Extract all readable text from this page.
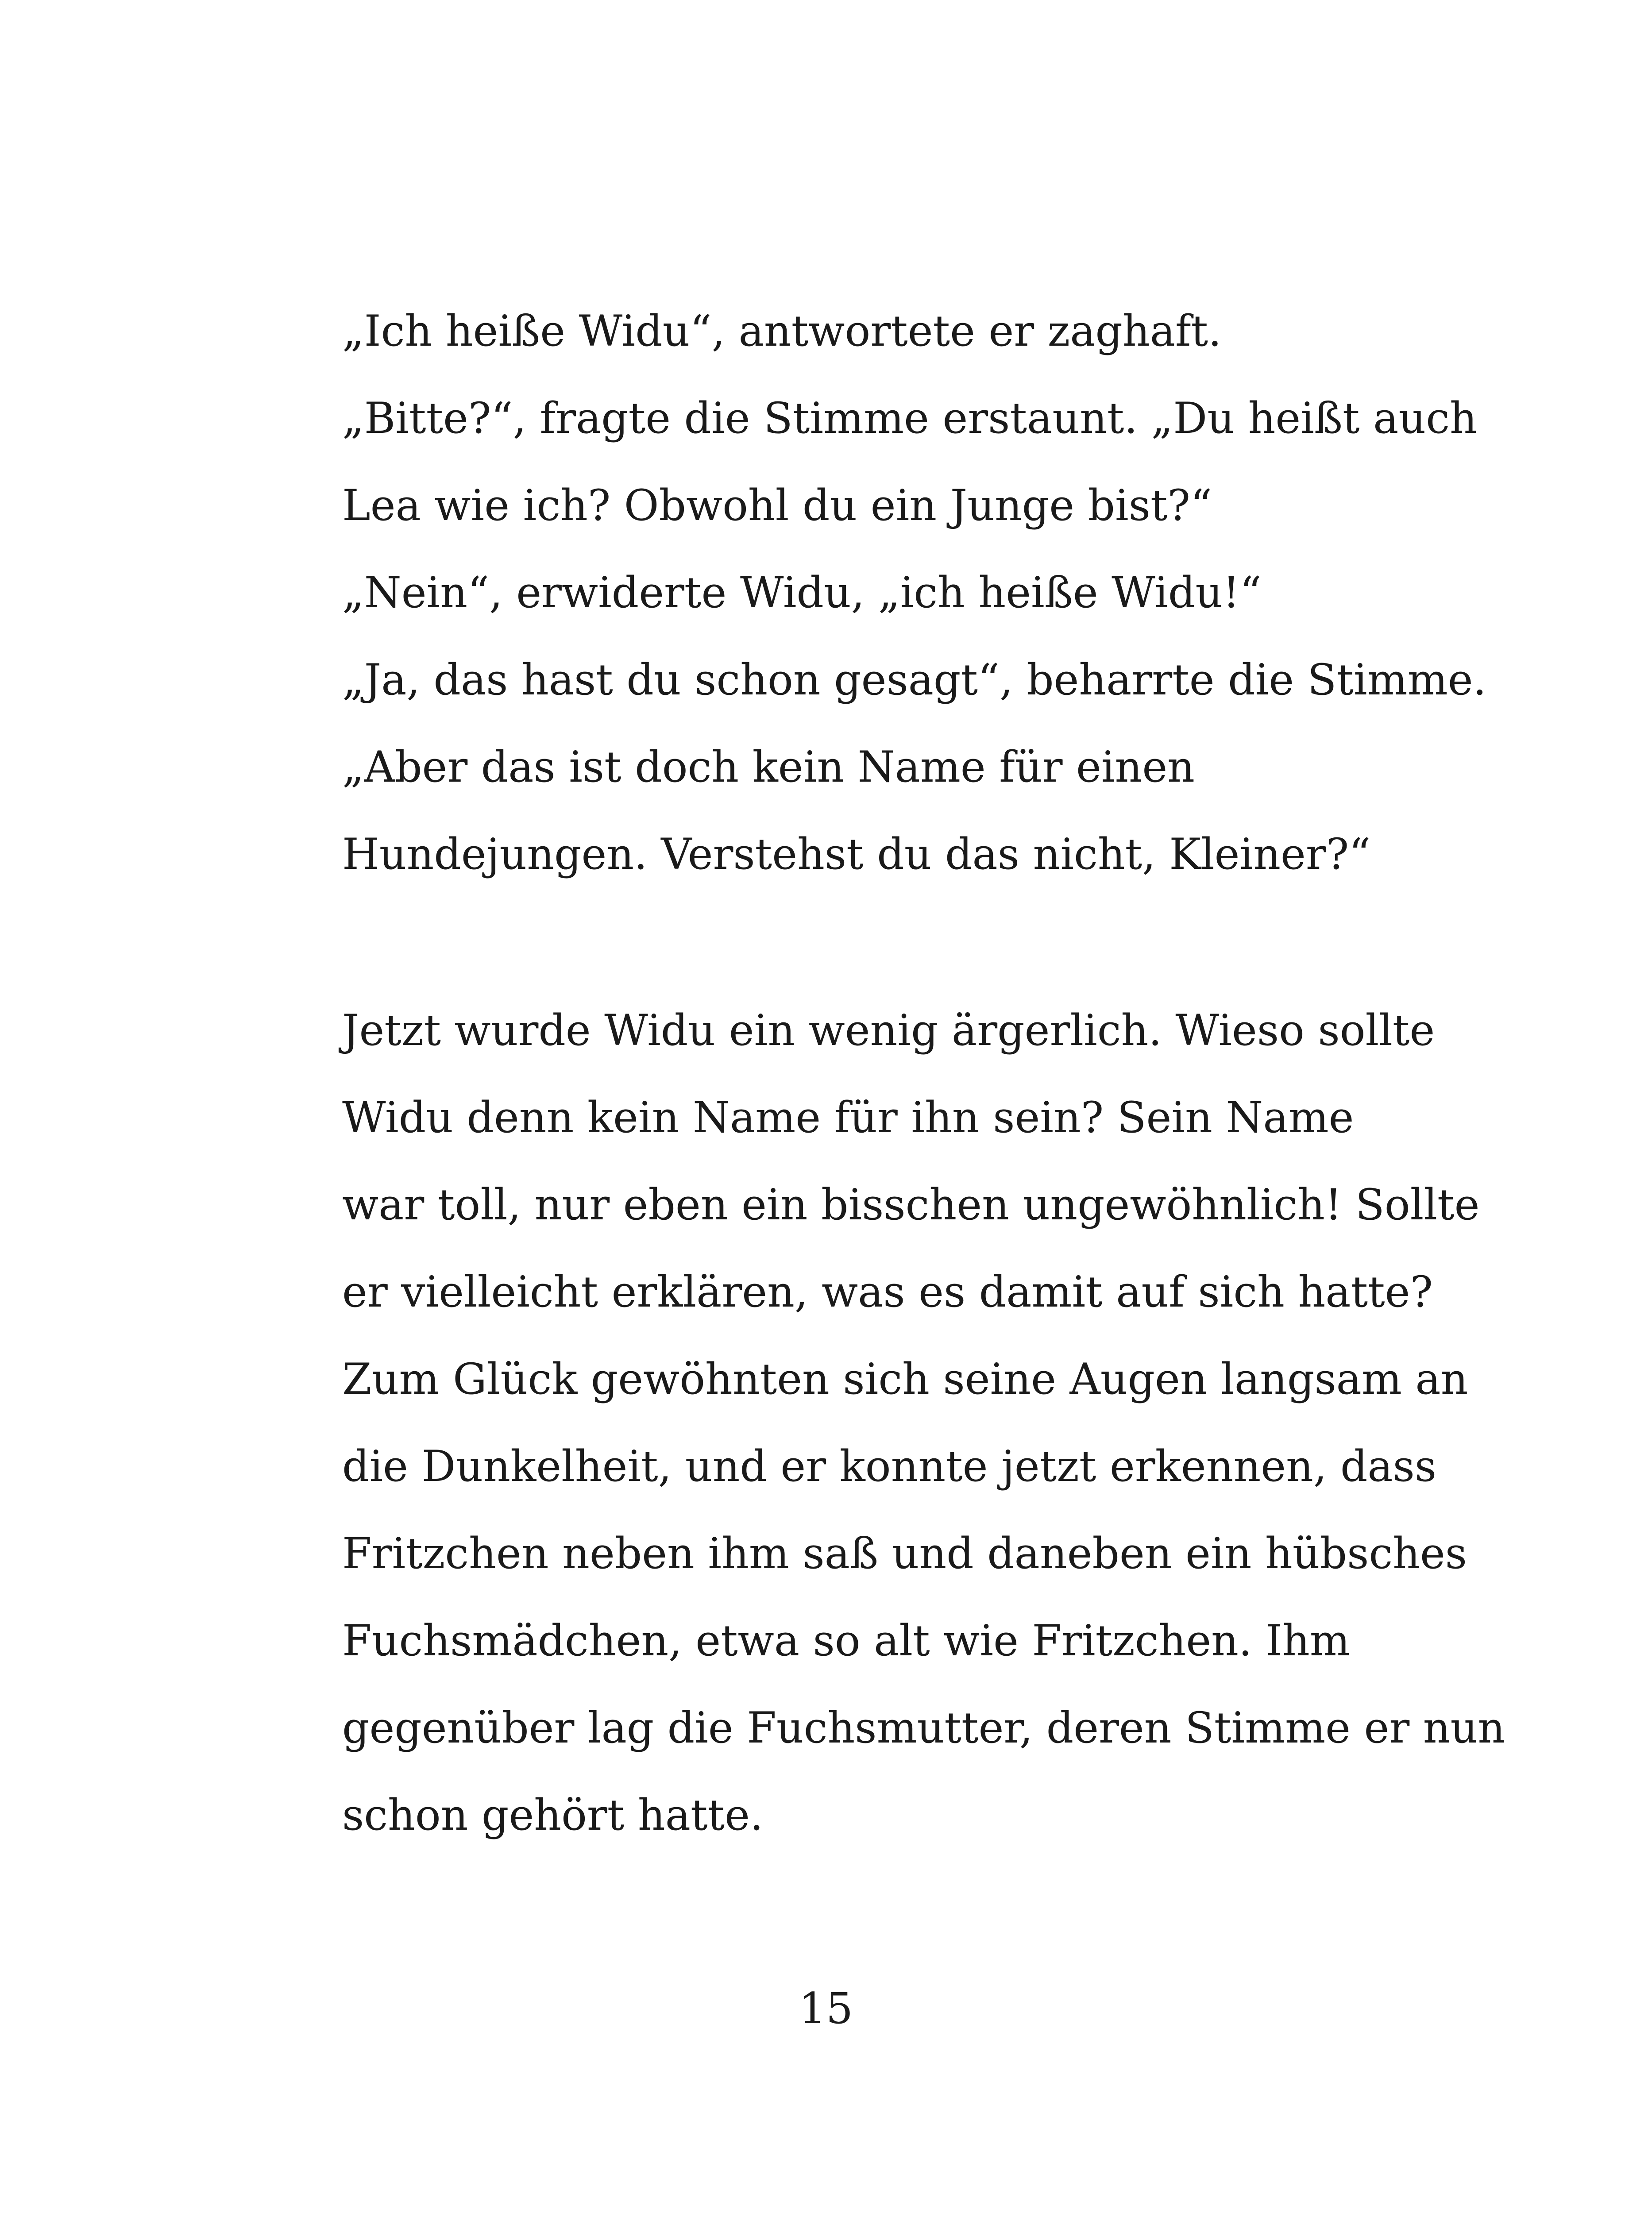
„Ich heiße Widu“, antwortete er zaghaft.
„Bitte?“, fragte die Stimme erstaunt. „Du heißt auch
Lea wie ich? Obwohl du ein Junge bist?“
„Nein“, erwiderte Widu, „ich heiße Widu!“
„Ja, das hast du schon gesagt“, beharrte die Stimme.
„Aber das ist doch kein Name für einen
Hundejungen. Verstehst du das nicht, Kleiner?“
Jetzt wurde Widu ein wenig ärgerlich. Wieso sollte
Widu denn kein Name für ihn sein? Sein Name
war toll, nur eben ein bisschen ungewöhnlich! Sollte
er vielleicht erklären, was es damit auf sich hatte?
Zum Glück gewöhnten sich seine Augen langsam an
die Dunkelheit, und er konnte jetzt erkennen, dass
Fritzchen neben ihm saß und daneben ein hübsches
Fuchsmädchen, etwa so alt wie Fritzchen. Ihm
gegenüber lag die Fuchsmutter, deren Stimme er nun
schon gehört hatte.
15
